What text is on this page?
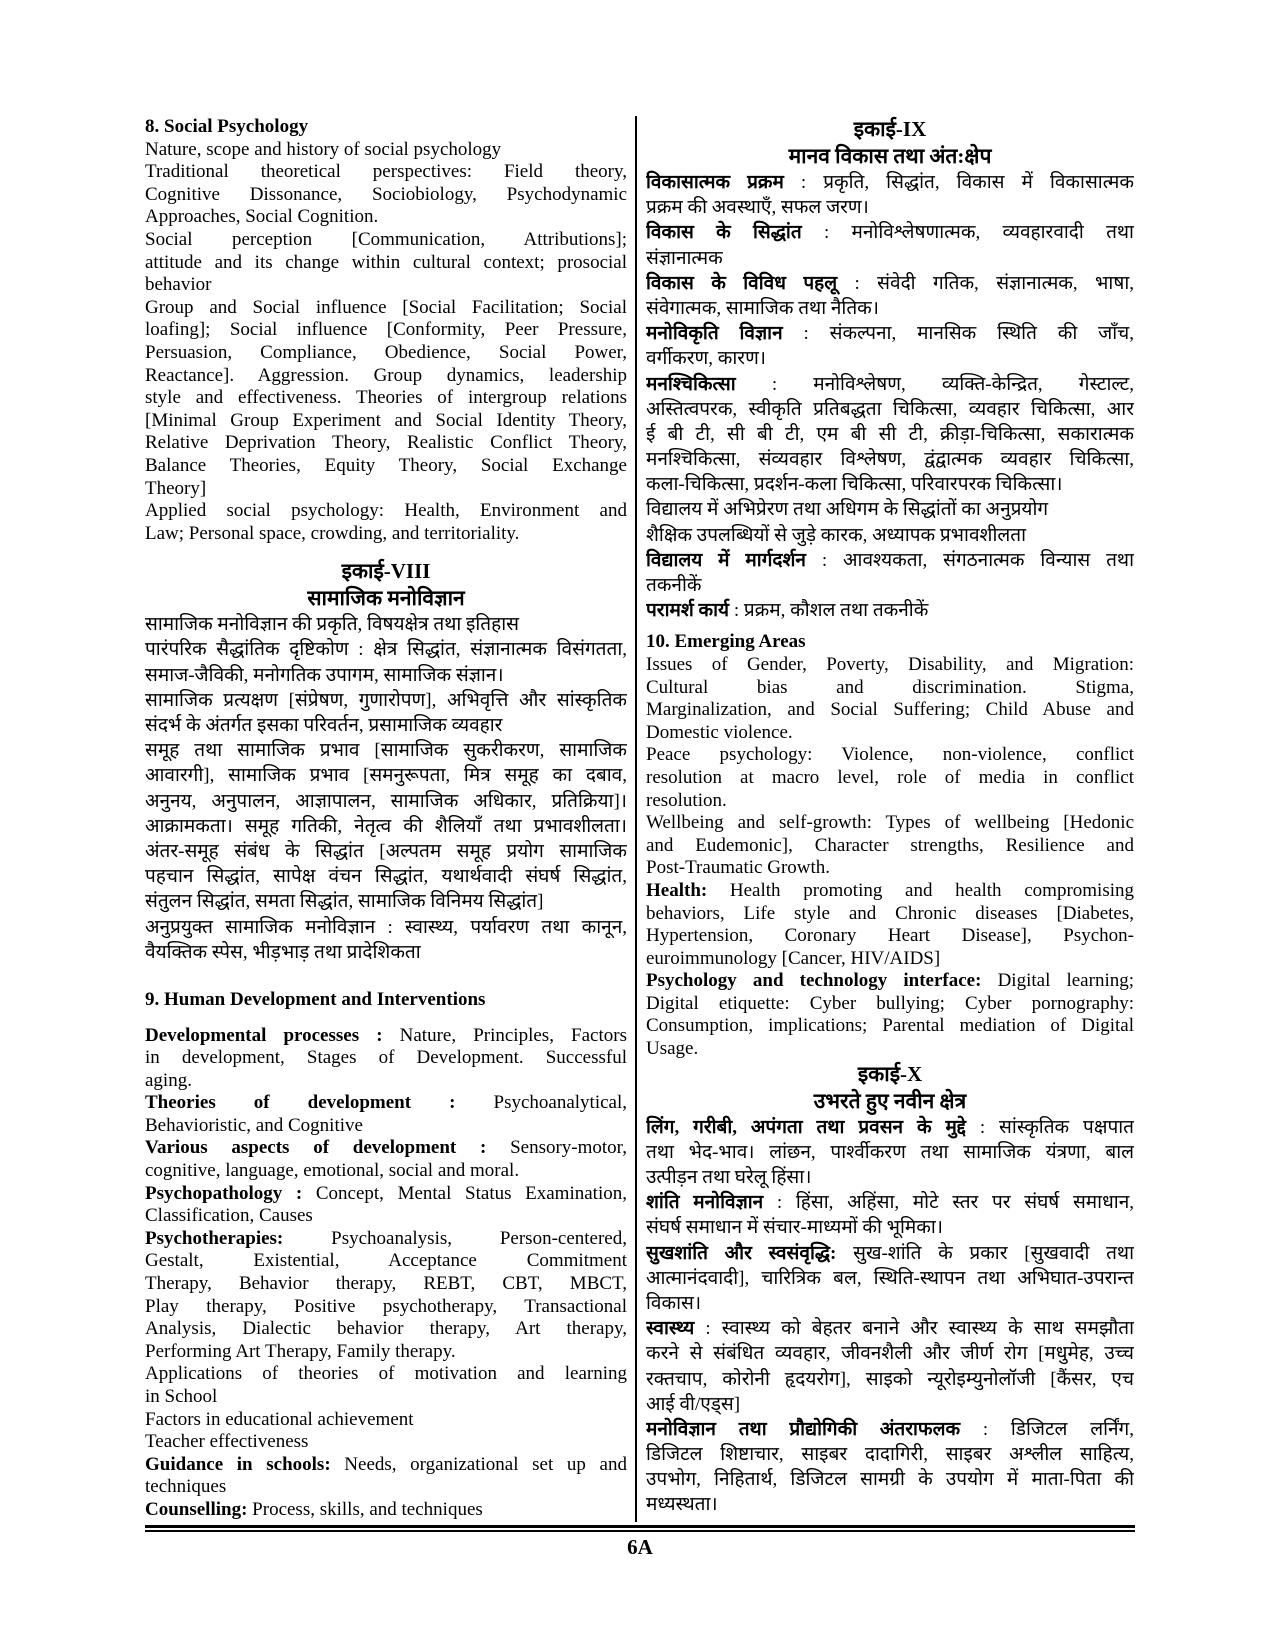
8. Social Psychology
Nature, scope and history of social psychology
Traditional theoretical perspectives: Field theory,
Cognitive Dissonance, Sociobiology, Psychodynamic
Approaches, Social Cognition.
Social perception [Communication, Attributions];
attitude and its change within cultural context; prosocial
behavior
Group and Social influence [Social Facilitation; Social
loafing]; Social influence [Conformity, Peer Pressure,
Persuasion, Compliance, Obedience, Social Power,
Reactance]. Aggression. Group dynamics, leadership
style and effectiveness. Theories of intergroup relations
[Minimal Group Experiment and Social Identity Theory,
Relative Deprivation Theory, Realistic Conflict Theory,
Balance Theories, Equity Theory, Social Exchange
Theory]
Applied social psychology: Health, Environment and
Law; Personal space, crowding, and territoriality.
इकाई-VIII
सामाजिक मनोविज्ञान
सामाजिक मनोविज्ञान की प्रकृति, विषयक्षेत्र तथा इतिहास
पारंपरिक सैद्धांतिक दृष्टिकोण : क्षेत्र सिद्धांत, संज्ञानात्मक विसंगतता,
समाज-जैविकी, मनोगतिक उपागम, सामाजिक संज्ञान।
सामाजिक प्रत्यक्षण [संप्रेषण, गुणारोपण], अभिवृत्ति और सांस्कृतिक
संदर्भ के अंतर्गत इसका परिवर्तन, प्रसामाजिक व्यवहार
समूह तथा सामाजिक प्रभाव [सामाजिक सुकरीकरण, सामाजिक
आवारगी], सामाजिक प्रभाव [समनुरूपता, मित्र समूह का दबाव,
अनुनय, अनुपालन, आज्ञापालन, सामाजिक अधिकार, प्रतिक्रिया]।
आक्रामकता। समूह गतिकी, नेतृत्व की शैलियाँ तथा प्रभावशीलता।
अंतर-समूह संबंध के सिद्धांत [अल्पतम समूह प्रयोग सामाजिक
पहचान सिद्धांत, सापेक्ष वंचन सिद्धांत, यथार्थवादी संघर्ष सिद्धांत,
संतुलन सिद्धांत, समता सिद्धांत, सामाजिक विनिमय सिद्धांत]
अनुप्रयुक्त सामाजिक मनोविज्ञान : स्वास्थ्य, पर्यावरण तथा कानून,
वैयक्तिक स्पेस, भीड़भाड़ तथा प्रादेशिकता
9. Human Development and Interventions
Developmental processes : Nature, Principles, Factors
in development, Stages of Development. Successful
aging.
Theories of development : Psychoanalytical,
Behavioristic, and Cognitive
Various aspects of development : Sensory-motor,
cognitive, language, emotional, social and moral.
Psychopathology : Concept, Mental Status Examination,
Classification, Causes
Psychotherapies: Psychoanalysis, Person-centered,
Gestalt, Existential, Acceptance Commitment
Therapy, Behavior therapy, REBT, CBT, MBCT,
Play therapy, Positive psychotherapy, Transactional
Analysis, Dialectic behavior therapy, Art therapy,
Performing Art Therapy, Family therapy.
Applications of theories of motivation and learning
in School
Factors in educational achievement
Teacher effectiveness
Guidance in schools: Needs, organizational set up and
techniques
Counselling: Process, skills, and techniques
इकाई-IX
मानव विकास तथा अंत:क्षेप
विकासात्मक प्रक्रम : प्रकृति, सिद्धांत, विकास में विकासात्मक
प्रक्रम की अवस्थाएँ, सफल जरण।
विकास के सिद्धांत : मनोविश्लेषणात्मक, व्यवहारवादी तथा
संज्ञानात्मक
विकास के विविध पहलू : संवेदी गतिक, संज्ञानात्मक, भाषा,
संवेगात्मक, सामाजिक तथा नैतिक।
मनोविकृति विज्ञान : संकल्पना, मानसिक स्थिति की जाँच,
वर्गीकरण, कारण।
मनश्चिकित्सा : मनोविश्लेषण, व्यक्ति-केन्द्रित, गेस्टाल्ट,
अस्तित्वपरक, स्वीकृति प्रतिबद्धता चिकित्सा, व्यवहार चिकित्सा, आर
ई बी टी, सी बी टी, एम बी सी टी, क्रीड़ा-चिकित्सा, सकारात्मक
मनश्चिकित्सा, संव्यवहार विश्लेषण, द्वंद्वात्मक व्यवहार चिकित्सा,
कला-चिकित्सा, प्रदर्शन-कला चिकित्सा, परिवारपरक चिकित्सा।
विद्यालय में अभिप्रेरण तथा अधिगम के सिद्धांतों का अनुप्रयोग
शैक्षिक उपलब्धियों से जुड़े कारक, अध्यापक प्रभावशीलता
विद्यालय में मार्गदर्शन : आवश्यकता, संगठनात्मक विन्यास तथा
तकनीकें
परामर्श कार्य : प्रक्रम, कौशल तथा तकनीकें
10. Emerging Areas
Issues of Gender, Poverty, Disability, and Migration:
Cultural bias and discrimination. Stigma,
Marginalization, and Social Suffering; Child Abuse and
Domestic violence.
Peace psychology: Violence, non-violence, conflict
resolution at macro level, role of media in conflict
resolution.
Wellbeing and self-growth: Types of wellbeing [Hedonic
and Eudemonic], Character strengths, Resilience and
Post-Traumatic Growth.
Health: Health promoting and health compromising
behaviors, Life style and Chronic diseases [Diabetes,
Hypertension, Coronary Heart Disease], Psychon-
euroimmunology [Cancer, HIV/AIDS]
Psychology and technology interface: Digital learning;
Digital etiquette: Cyber bullying; Cyber pornography:
Consumption, implications; Parental mediation of Digital
Usage.
इकाई-X
उभरते हुए नवीन क्षेत्र
लिंग, गरीबी, अपंगता तथा प्रवसन के मुद्दे : सांस्कृतिक पक्षपात
तथा भेद-भाव। लांछन, पार्श्वीकरण तथा सामाजिक यंत्रणा, बाल
उत्पीड़न तथा घरेलू हिंसा।
शांति मनोविज्ञान : हिंसा, अहिंसा, मोटे स्तर पर संघर्ष समाधान,
संघर्ष समाधान में संचार-माध्यमों की भूमिका।
सुखशांति और स्वसंवृद्धि: सुख-शांति के प्रकार [सुखवादी तथा
आत्मानंदवादी], चारित्रिक बल, स्थिति-स्थापन तथा अभिघात-उपरान्त
विकास।
स्वास्थ्य : स्वास्थ्य को बेहतर बनाने और स्वास्थ्य के साथ समझौता
करने से संबंधित व्यवहार, जीवनशैली और जीर्ण रोग [मधुमेह, उच्च
रक्तचाप, कोरोनी हृदयरोग], साइको न्यूरोइम्युनोलॉजी [कैंसर, एच
आई वी/एड्स]
मनोविज्ञान तथा प्रौद्योगिकी अंतराफलक : डिजिटल लर्निंग,
डिजिटल शिष्टाचार, साइबर दादागिरी, साइबर अश्लील साहित्य,
उपभोग, निहितार्थ, डिजिटल सामग्री के उपयोग में माता-पिता की
मध्यस्थता।
6A
